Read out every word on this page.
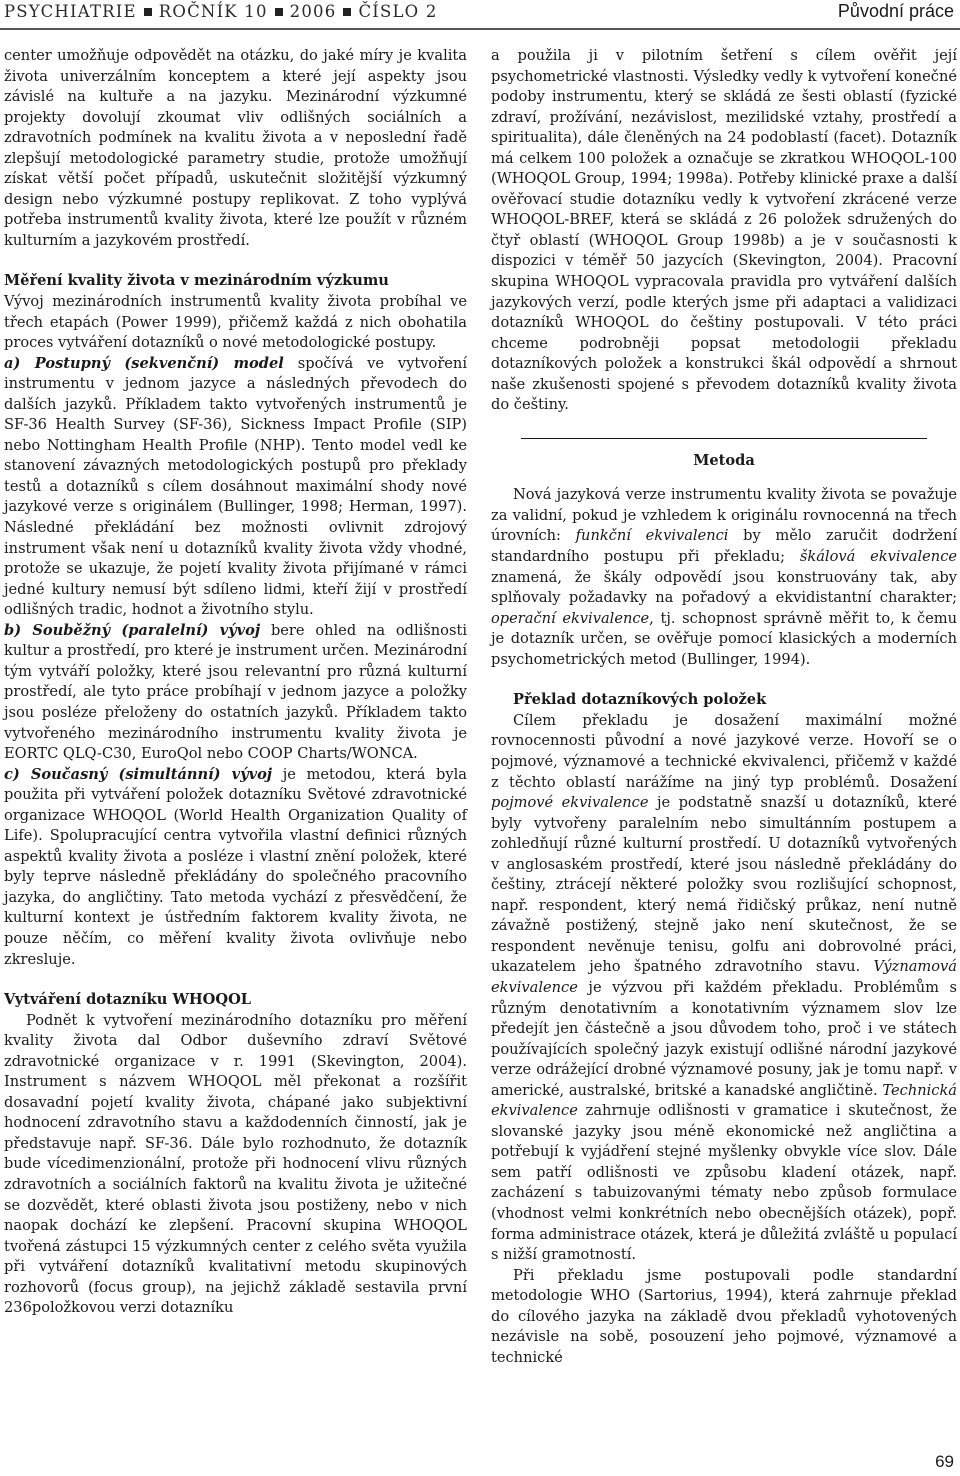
PSYCHIATRIE ROČNÍK 10 2006 ČÍSLO 2	Původní práce

center umožňuje odpovědět na otázku, do jaké míry je kvalita života univerzálním konceptem a které její aspekty jsou závislé na kultuře a na jazyku. Mezinárodní výzkumné projekty dovolují zkoumat vliv odlišných sociálních a zdravotních podmínek na kvalitu života a v neposlední řadě zlepšují metodologické parametry studie, protože umožňují získat větší počet případů, uskutečnit složitější výzkumný design nebo výzkumné postupy replikovat. Z toho vyplývá potřeba instrumentů kvality života, které lze použít v různém kulturním a jazykovém prostředí.

Měření kvality života v mezinárodním výzkumu

Vývoj mezinárodních instrumentů kvality života probíhal ve třech etapách (Power 1999), přičemž každá z nich obohatila proces vytváření dotazníků o nové metodologické postupy.

a) Postupný (sekvenční) model spočívá ve vytvoření instrumentu v jednom jazyce a následných převodech do dalších jazyků. Příkladem takto vytvořených instrumentů je SF-36 Health Survey (SF-36), Sickness Impact Profile (SIP) nebo Nottingham Health Profile (NHP). Tento model vedl ke stanovení závazných metodologických postupů pro překlady testů a dotazníků s cílem dosáhnout maximální shody nové jazykové verze s originálem (Bullinger, 1998; Herman, 1997). Následné překládání bez možnosti ovlivnit zdrojový instrument však není u dotazníků kvality života vždy vhodné, protože se ukazuje, že pojetí kvality života přijímané v rámci jedné kultury nemusí být sdíleno lidmi, kteří žijí v prostředí odlišných tradic, hodnot a životního stylu.

b) Souběžný (paralelní) vývoj bere ohled na odlišnosti kultur a prostředí, pro které je instrument určen. Mezinárodní tým vytváří položky, které jsou relevantní pro různá kulturní prostředí, ale tyto práce probíhají v jednom jazyce a položky jsou posléze přeloženy do ostatních jazyků. Příkladem takto vytvořeného mezinárodního instrumentu kvality života je EORTC QLQ-C30, EuroQol nebo COOP Charts/WONCA.

c) Současný (simultánní) vývoj je metodou, která byla použita při vytváření položek dotazníku Světové zdravotnické organizace WHOQOL (World Health Organization Quality of Life). Spolupracující centra vytvořila vlastní definici různých aspektů kvality života a posléze i vlastní znění položek, které byly teprve následně překládány do společného pracovního jazyka, do angličtiny. Tato metoda vychází z přesvědčení, že kulturní kontext je ústředním faktorem kvality života, ne pouze něčím, co měření kvality života ovlivňuje nebo zkresluje.

Vytváření dotazníku WHOQOL

Podnět k vytvoření mezinárodního dotazníku pro měření kvality života dal Odbor duševního zdraví Světové zdravotnické organizace v r. 1991 (Skevington, 2004). Instrument s názvem WHOQOL měl překonat a rozšířit dosavadní pojetí kvality života, chápané jako subjektivní hodnocení zdravotního stavu a každodenních činností, jak je představuje např. SF-36. Dále bylo rozhodnuto, že dotazník bude vícedimenzionální, protože při hodnocení vlivu různých zdravotních a sociálních faktorů na kvalitu života je užitečné se dozvědět, které oblasti života jsou postiženy, nebo v nich naopak dochází ke zlepšení. Pracovní skupina WHOQOL tvořená zástupci 15 výzkumných center z celého světa využila při vytváření dotazníků kvalitativní metodu skupinových rozhovorů (focus group), na jejichž základě sestavila první 236položkovou verzi dotazníku

a použila ji v pilotním šetření s cílem ověřit její psychometrické vlastnosti. Výsledky vedly k vytvoření konečné podoby instrumentu, který se skládá ze šesti oblastí (fyzické zdraví, prožívání, nezávislost, mezilidské vztahy, prostředí a spiritualita), dále členěných na 24 podoblastí (facet). Dotazník má celkem 100 položek a označuje se zkratkou WHOQOL-100 (WHOQOL Group, 1994; 1998a). Potřeby klinické praxe a další ověřovací studie dotazníku vedly k vytvoření zkrácené verze WHOQOL-BREF, která se skládá z 26 položek sdružených do čtyř oblastí (WHOQOL Group 1998b) a je v současnosti k dispozici v téměř 50 jazycích (Skevington, 2004). Pracovní skupina WHOQOL vypracovala pravidla pro vytváření dalších jazykových verzí, podle kterých jsme při adaptaci a validizaci dotazníků WHOQOL do češtiny postupovali. V této práci chceme podrobněji popsat metodologii překladu dotazníkových položek a konstrukci škál odpovědí a shrnout naše zkušenosti spojené s převodem dotazníků kvality života do češtiny.

Metoda

Nová jazyková verze instrumentu kvality života se považuje za validní, pokud je vzhledem k originálu rovnocenná na třech úrovních: funkční ekvivalenci by mělo zaručit dodržení standardního postupu při překladu; škálová ekvivalence znamená, že škály odpovědí jsou konstruovány tak, aby splňovaly požadavky na pořadový a ekvidistantní charakter; operační ekvivalence, tj. schopnost správně měřit to, k čemu je dotazník určen, se ověřuje pomocí klasických a moderních psychometrických metod (Bullinger, 1994).

Překlad dotazníkových položek

Cílem překladu je dosažení maximální možné rovnocennosti původní a nové jazykové verze. Hovoří se o pojmové, významové a technické ekvivalenci, přičemž v každé z těchto oblastí narážíme na jiný typ problémů. Dosažení pojmové ekvivalence je podstatně snazší u dotazníků, které byly vytvořeny paralelním nebo simultánním postupem a zohledňují různé kulturní prostředí. U dotazníků vytvořených v anglosaském prostředí, které jsou následně překládány do češtiny, ztrácejí některé položky svou rozlišující schopnost, např. respondent, který nemá řidičský průkaz, není nutně závažně postižený, stejně jako není skutečnost, že se respondent nevěnuje tenisu, golfu ani dobrovolné práci, ukazatelem jeho špatného zdravotního stavu. Významová ekvivalence je výzvou při každém překladu. Problémům s různým denotativním a konotativním významem slov lze předejít jen částečně a jsou důvodem toho, proč i ve státech používajících společný jazyk existují odlišné národní jazykové verze odrážející drobné významové posuny, jak je tomu např. v americké, australské, britské a kanadské angličtině. Technická ekvivalence zahrnuje odlišnosti v gramatice i skutečnost, že slovanské jazyky jsou méně ekonomické než angličtina a potřebují k vyjádření stejné myšlenky obvykle více slov. Dále sem patří odlišnosti ve způsobu kladení otázek, např. zacházení s tabuizovanými tématy nebo způsob formulace (vhodnost velmi konkrétních nebo obecnějších otázek), popř. forma administrace otázek, která je důležitá zvláště u populací s nižší gramotností.

Při překladu jsme postupovali podle standardní metodologie WHO (Sartorius, 1994), která zahrnuje překlad do cílového jazyka na základě dvou překladů vyhotovených nezávisle na sobě, posouzení jeho pojmové, významové a technické

69
